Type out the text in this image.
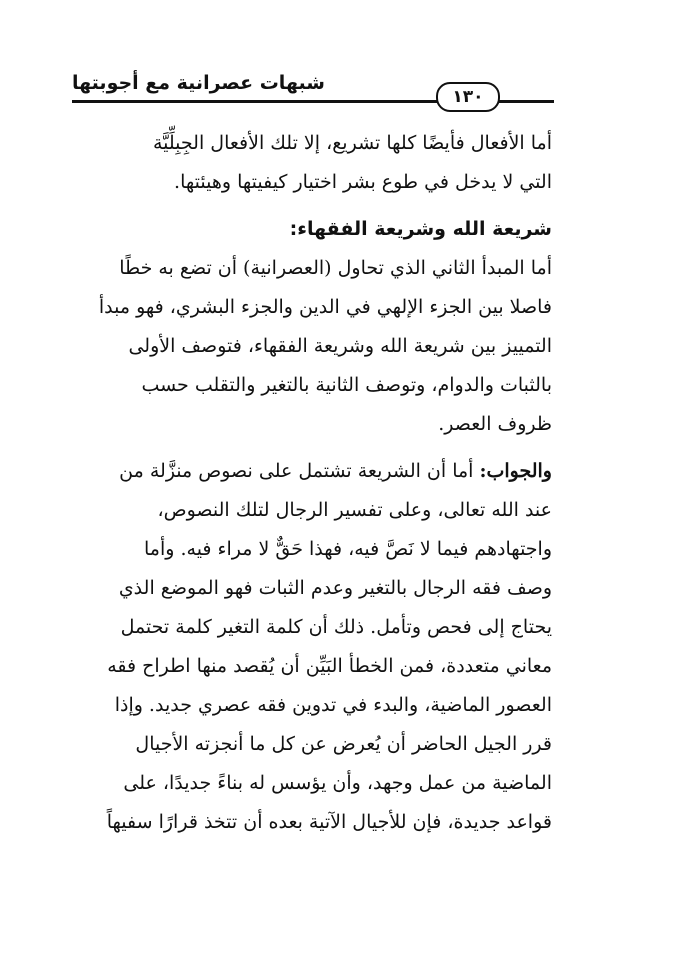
شبهات عصرانية مع أجوبتها
١٣٠
أما الأفعال فأيضًا كلها تشريع، إلا تلك الأفعال الجِبِلِّيَّة
التي لا يدخل في طوع بشر اختيار كيفيتها وهيئتها.
شريعة الله وشريعة الفقهاء:
أما المبدأ الثاني الذي تحاول (العصرانية) أن تضع به خطًا
فاصلا بين الجزء الإلهي في الدين والجزء البشري، فهو مبدأ
التمييز بين شريعة الله وشريعة الفقهاء، فتوصف الأولى
بالثبات والدوام، وتوصف الثانية بالتغير والتقلب حسب
ظروف العصر.
والجواب: أما أن الشريعة تشتمل على نصوص منزَّلة من
عند الله تعالى، وعلى تفسير الرجال لتلك النصوص،
واجتهادهم فيما لا نَصَّ فيه، فهذا حَقٌّ لا مراء فيه. وأما
وصف فقه الرجال بالتغير وعدم الثبات فهو الموضع الذي
يحتاج إلى فحص وتأمل. ذلك أن كلمة التغير كلمة تحتمل
معاني متعددة، فمن الخطأ البَيِّن أن يُقصد منها اطراح فقه
العصور الماضية، والبدء في تدوين فقه عصري جديد. وإذا
قرر الجيل الحاضر أن يُعرض عن كل ما أنجزته الأجيال
الماضية من عمل وجهد، وأن يؤسس له بناءً جديدًا، على
قواعد جديدة، فإن للأجيال الآتية بعده أن تتخذ قرارًا سفيهاً
